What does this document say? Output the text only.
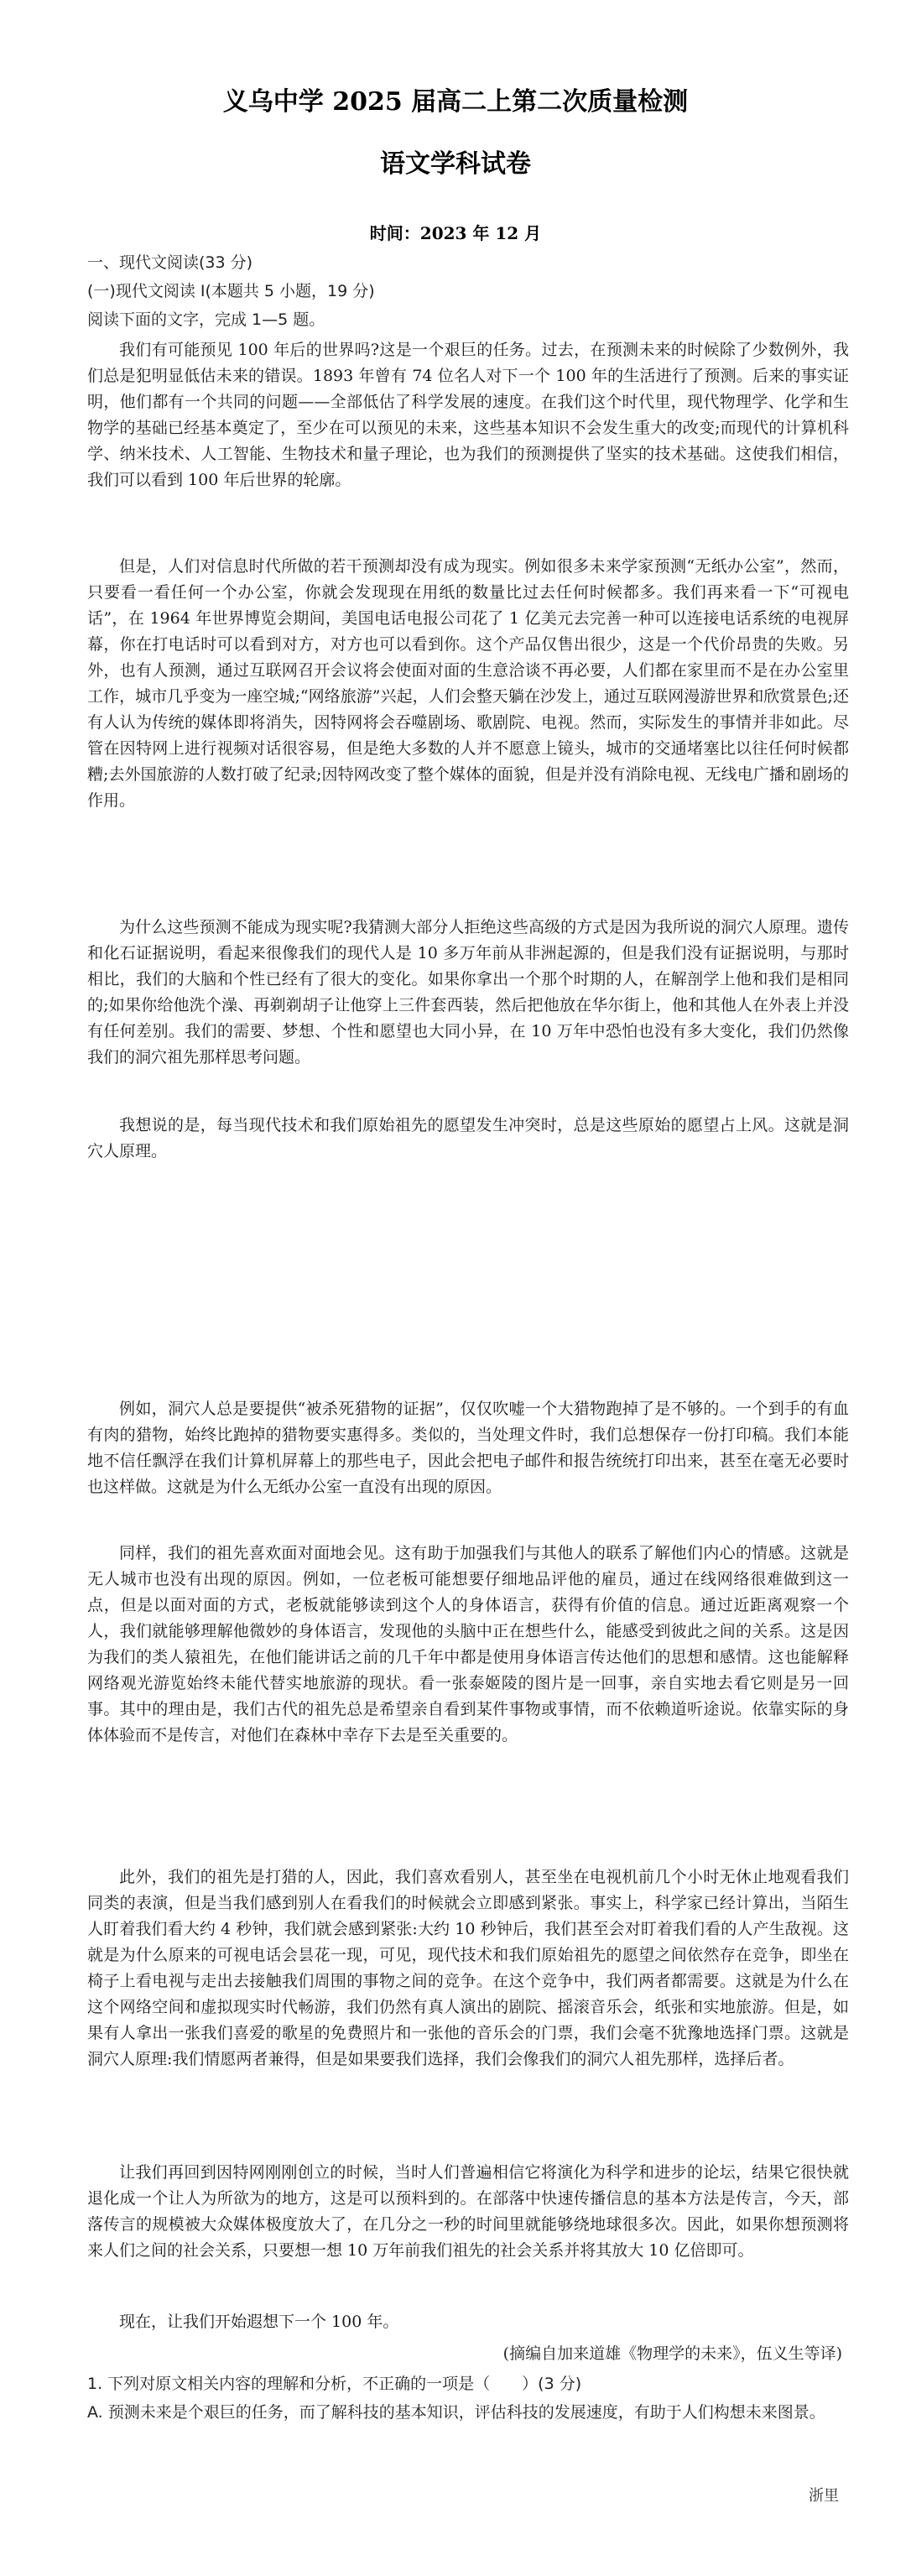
义乌中学 2025 届高二上第二次质量检测
语文学科试卷
时间：2023 年 12 月
一、现代文阅读(33 分)
(一)现代文阅读 I(本题共 5 小题，19 分)
阅读下面的文字，完成 1—5 题。

我们有可能预见 100 年后的世界吗?这是一个艰巨的任务。过去，在预测未来的时候除了少数例外，我们总是犯明显低估未来的错误。1893 年曾有 74 位名人对下一个 100 年的生活进行了预测。后来的事实证明，他们都有一个共同的问题——全部低估了科学发展的速度。在我们这个时代里，现代物理学、化学和生物学的基础已经基本奠定了，至少在可以预见的未来，这些基本知识不会发生重大的改变;而现代的计算机科学、纳米技术、人工智能、生物技术和量子理论，也为我们的预测提供了坚实的技术基础。这使我们相信，我们可以看到 100 年后世界的轮廓。

但是，人们对信息时代所做的若干预测却没有成为现实。例如很多未来学家预测“无纸办公室”，然而，只要看一看任何一个办公室，你就会发现现在用纸的数量比过去任何时候都多。我们再来看一下“可视电话”，在 1964 年世界博览会期间，美国电话电报公司花了 1 亿美元去完善一种可以连接电话系统的电视屏幕，你在打电话时可以看到对方，对方也可以看到你。这个产品仅售出很少，这是一个代价昂贵的失败。另外，也有人预测，通过互联网召开会议将会使面对面的生意洽谈不再必要，人们都在家里而不是在办公室里工作，城市几乎变为一座空城;“网络旅游”兴起，人们会整天躺在沙发上，通过互联网漫游世界和欣赏景色;还有人认为传统的媒体即将消失，因特网将会吞噬剧场、歌剧院、电视。然而，实际发生的事情并非如此。尽管在因特网上进行视频对话很容易，但是绝大多数的人并不愿意上镜头，城市的交通堵塞比以往任何时候都糟;去外国旅游的人数打破了纪录;因特网改变了整个媒体的面貌，但是并没有消除电视、无线电广播和剧场的作用。

为什么这些预测不能成为现实呢?我猜测大部分人拒绝这些高级的方式是因为我所说的洞穴人原理。遗传和化石证据说明，看起来很像我们的现代人是 10 多万年前从非洲起源的，但是我们没有证据说明，与那时相比，我们的大脑和个性已经有了很大的变化。如果你拿出一个那个时期的人，在解剖学上他和我们是相同的;如果你给他洗个澡、再剃剃胡子让他穿上三件套西装，然后把他放在华尔街上，他和其他人在外表上并没有任何差别。我们的需要、梦想、个性和愿望也大同小异，在 10 万年中恐怕也没有多大变化，我们仍然像我们的洞穴祖先那样思考问题。

我想说的是，每当现代技术和我们原始祖先的愿望发生冲突时，总是这些原始的愿望占上风。这就是洞穴人原理。

例如，洞穴人总是要提供“被杀死猎物的证据”，仅仅吹嘘一个大猎物跑掉了是不够的。一个到手的有血有肉的猎物，始终比跑掉的猎物要实惠得多。类似的，当处理文件时，我们总想保存一份打印稿。我们本能地不信任飘浮在我们计算机屏幕上的那些电子，因此会把电子邮件和报告统统打印出来，甚至在毫无必要时也这样做。这就是为什么无纸办公室一直没有出现的原因。

同样，我们的祖先喜欢面对面地会见。这有助于加强我们与其他人的联系了解他们内心的情感。这就是无人城市也没有出现的原因。例如，一位老板可能想要仔细地品评他的雇员，通过在线网络很难做到这一点，但是以面对面的方式，老板就能够读到这个人的身体语言，获得有价值的信息。通过近距离观察一个人，我们就能够理解他微妙的身体语言，发现他的头脑中正在想些什么，能感受到彼此之间的关系。这是因为我们的类人猿祖先，在他们能讲话之前的几千年中都是使用身体语言传达他们的思想和感情。这也能解释网络观光游览始终未能代替实地旅游的现状。看一张泰姬陵的图片是一回事，亲自实地去看它则是另一回事。其中的理由是，我们古代的祖先总是希望亲自看到某件事物或事情，而不依赖道听途说。依靠实际的身体体验而不是传言，对他们在森林中幸存下去是至关重要的。

此外，我们的祖先是打猎的人，因此，我们喜欢看别人，甚至坐在电视机前几个小时无休止地观看我们同类的表演，但是当我们感到别人在看我们的时候就会立即感到紧张。事实上，科学家已经计算出，当陌生人盯着我们看大约 4 秒钟，我们就会感到紧张:大约 10 秒钟后，我们甚至会对盯着我们看的人产生敌视。这就是为什么原来的可视电话会昙花一现，可见，现代技术和我们原始祖先的愿望之间依然存在竞争，即坐在椅子上看电视与走出去接触我们周围的事物之间的竞争。在这个竞争中，我们两者都需要。这就是为什么在这个网络空间和虚拟现实时代畅游，我们仍然有真人演出的剧院、摇滚音乐会，纸张和实地旅游。但是，如果有人拿出一张我们喜爱的歌星的免费照片和一张他的音乐会的门票，我们会毫不犹豫地选择门票。这就是洞穴人原理:我们情愿两者兼得，但是如果要我们选择，我们会像我们的洞穴人祖先那样，选择后者。

让我们再回到因特网刚刚创立的时候，当时人们普遍相信它将演化为科学和进步的论坛，结果它很快就退化成一个让人为所欲为的地方，这是可以预料到的。在部落中快速传播信息的基本方法是传言，今天，部落传言的规模被大众媒体极度放大了，在几分之一秒的时间里就能够绕地球很多次。因此，如果你想预测将来人们之间的社会关系，只要想一想 10 万年前我们祖先的社会关系并将其放大 10 亿倍即可。

现在，让我们开始遐想下一个 100 年。

(摘编自加来道雄《物理学的未来》，伍义生等译)
1. 下列对原文相关内容的理解和分析，不正确的一项是（　　）(3 分)
A. 预测未来是个艰巨的任务，而了解科技的基本知识，评估科技的发展速度，有助于人们构想未来图景。
浙里
